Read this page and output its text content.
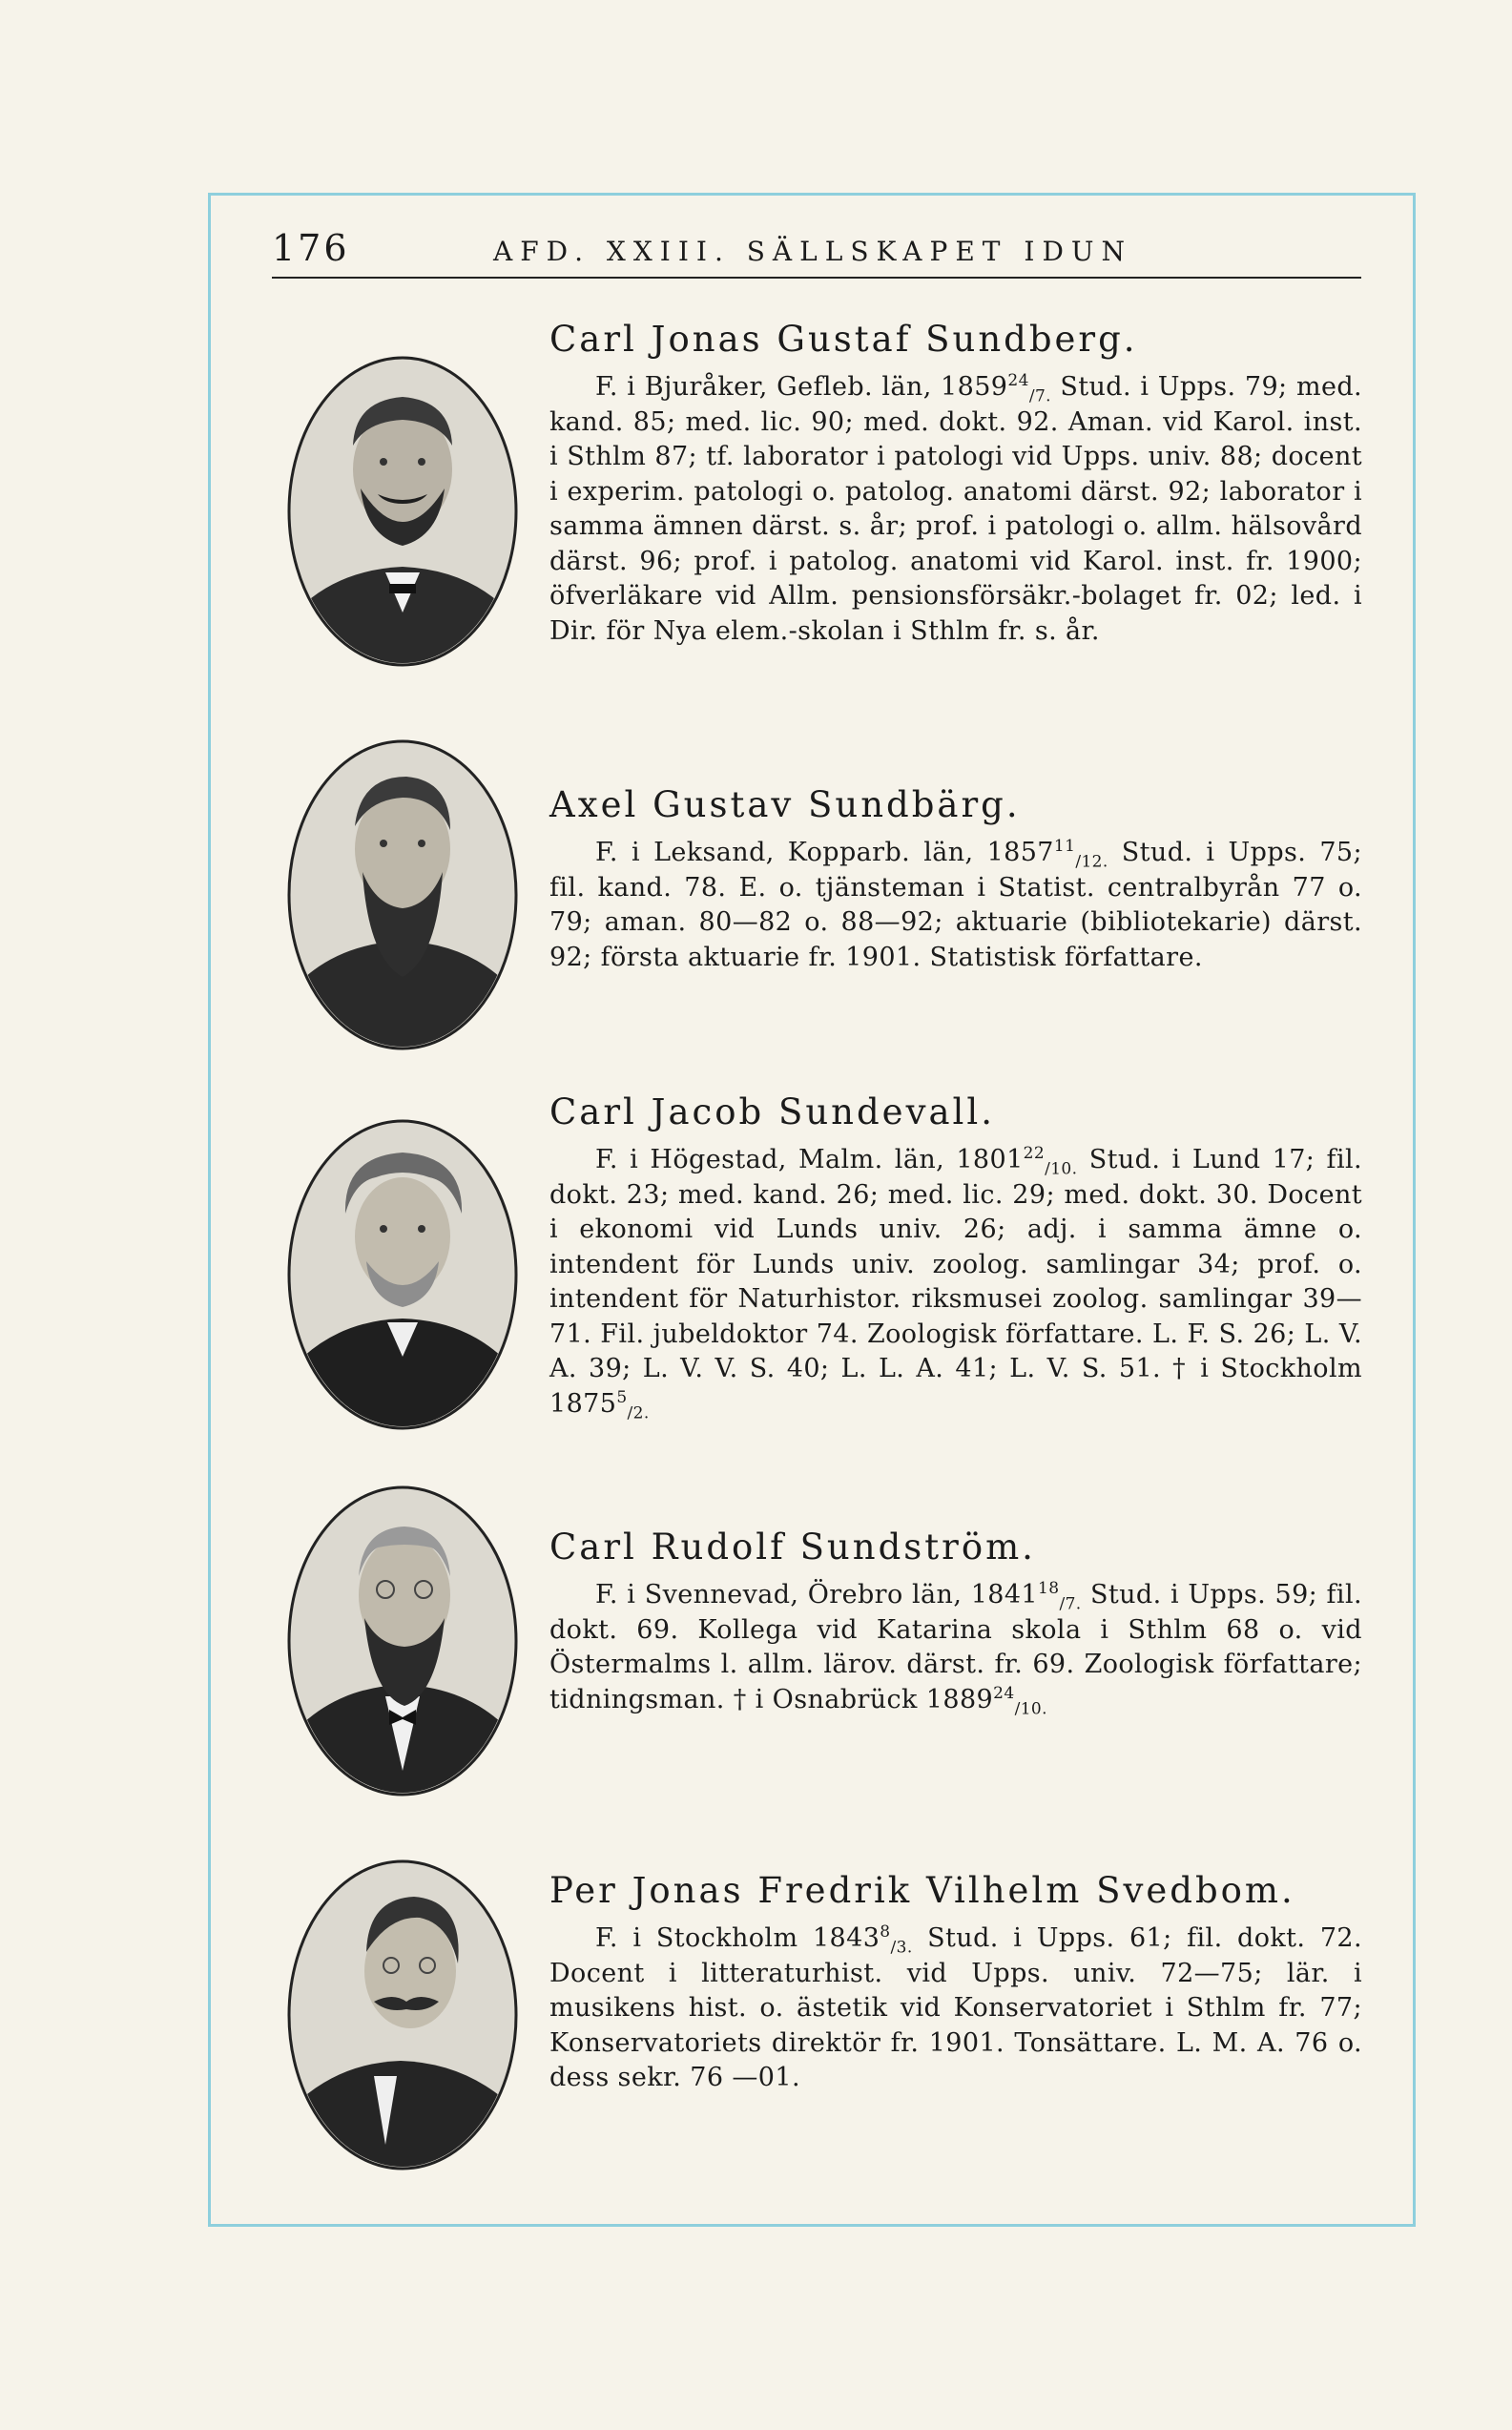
176	AFD. XXIII. SÄLLSKAPET IDUN
Carl Jonas Gustaf Sundberg.

F. i Bjuråker, Gefleb. län, $1859^{24}_{/7.}$ Stud. i Upps. 79; med. kand. 85; med. lic. 90; med. dokt. 92. Aman. vid Karol. inst. i Sthlm 87; tf. laborator i patologi vid Upps. univ. 88; docent i experim. patologi o. patolog. anatomi därst. 92; laborator i samma ämnen därst. s. år; prof. i patologi o. allm. hälsovård därst. 96; prof. i patolog. anatomi vid Karol. inst. fr. 1900; öfverläkare vid Allm. pensionsförsäkr.-bolaget fr. 02; led. i Dir. för Nya elem.-skolan i Sthlm fr. s. år.

Axel Gustav Sundbärg.

F. i Leksand, Kopparb. län, $1857^{11}_{/12.}$ Stud. i Upps. 75; fil. kand. 78. E. o. tjänsteman i Statist. centralbyrån 77 o. 79; aman. 80—82 o. 88—92; aktuarie (bibliotekarie) därst. 92; första aktuarie fr. 1901. Statistisk författare.

Carl Jacob Sundevall.

F. i Högestad, Malm. län, $1801^{22}_{/10.}$ Stud. i Lund 17; fil. dokt. 23; med. kand. 26; med. lic. 29; med. dokt. 30. Docent i ekonomi vid Lunds univ. 26; adj. i samma ämne o. intendent för Lunds univ. zoolog. samlingar 34; prof. o. intendent för Naturhistor. riksmusei zoolog. samlingar 39—71. Fil. jubeldoktor 74. Zoologisk författare. L. F. S. 26; L. V. A. 39; L. V. V. S. 40; L. L. A. 41; L. V. S. 51. † i Stockholm $1875^5_{/2.}$

Carl Rudolf Sundström.

F. i Svennevad, Örebro län, $1841^{18}_{/7.}$ Stud. i Upps. 59; fil. dokt. 69. Kollega vid Katarina skola i Sthlm 68 o. vid Östermalms l. allm. lärov. därst. fr. 69. Zoologisk författare; tidningsman. † i Osnabrück $1889^{24}_{/10.}$

Per Jonas Fredrik Vilhelm Svedbom.

F. i Stockholm $1843^8_{/3.}$ Stud. i Upps. 61; fil. dokt. 72. Docent i litteraturhist. vid Upps. univ. 72—75; lär. i musikens hist. o. ästetik vid Konservatoriet i Sthlm fr. 77; Konservatoriets direktör fr. 1901. Tonsättare. L. M. A. 76 o. dess sekr. 76 —01.
